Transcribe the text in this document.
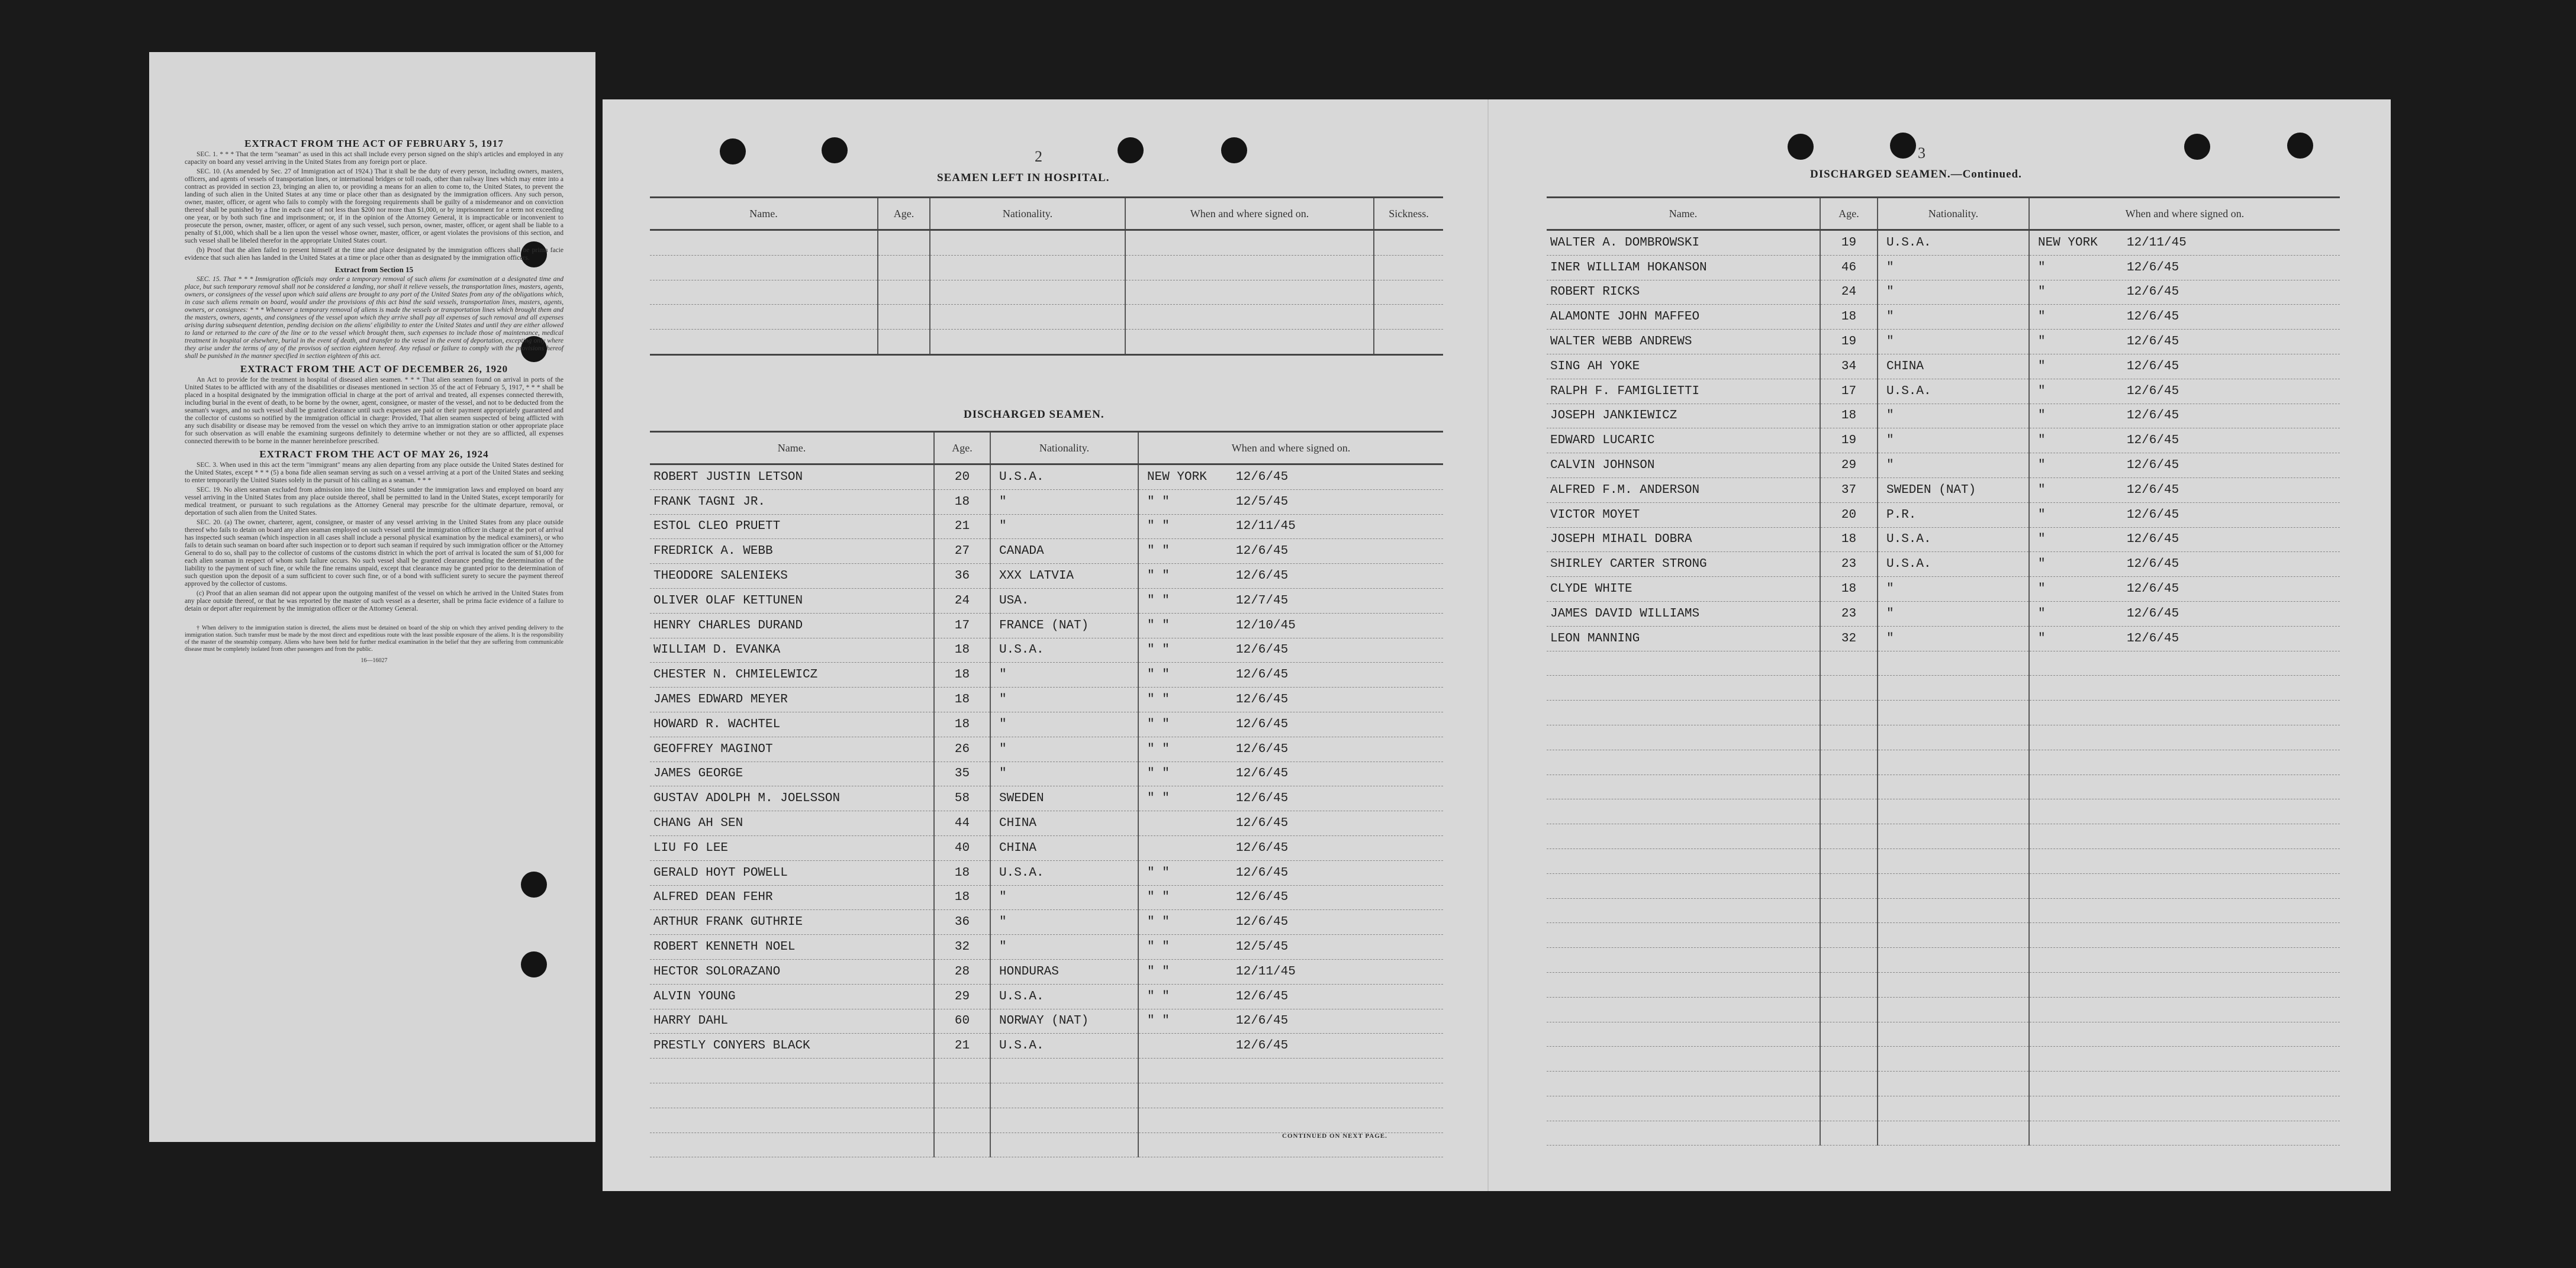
EXTRACT FROM THE ACT OF FEBRUARY 5, 1917

SEC. 1. * * * That the term "seaman" as used in this act shall include every person signed on the ship's articles and employed in any capacity on board any vessel arriving in the United States from any foreign port or place.

SEC. 10. (As amended by Sec. 27 of Immigration act of 1924.) That it shall be the duty of every person, including owners, masters, officers, and agents of vessels of transportation lines, or international bridges or toll roads, other than railway lines which may enter into a contract as provided in section 23, bringing an alien to, or providing a means for an alien to come to, the United States, to prevent the landing of such alien in the United States at any time or place other than as designated by the immigration officers. Any such person, owner, master, officer, or agent who fails to comply with the foregoing requirements shall be guilty of a misdemeanor and on conviction thereof shall be punished by a fine in each case of not less than $200 nor more than $1,000, or by imprisonment for a term not exceeding one year, or by both such fine and imprisonment; or, if in the opinion of the Attorney General, it is impracticable or inconvenient to prosecute the person, owner, master, officer, or agent of any such vessel, such person, owner, master, officer, or agent shall be liable to a penalty of $1,000, which shall be a lien upon the vessel whose owner, master, officer, or agent violates the provisions of this section, and such vessel shall be libeled therefor in the appropriate United States court.

(b) Proof that the alien failed to present himself at the time and place designated by the immigration officers shall be prima facie evidence that such alien has landed in the United States at a time or place other than as designated by the immigration officers.

Extract from Section 15

SEC. 15. That * * * Immigration officials may order a temporary removal of such aliens for examination at a designated time and place, but such temporary removal shall not be considered a landing, nor shall it relieve vessels, the transportation lines, masters, agents, owners, or consignees of the vessel upon which said aliens are brought to any port of the United States from any of the obligations which, in case such aliens remain on board, would under the provisions of this act bind the said vessels, transportation lines, masters, agents, owners, or consignees: * * * Whenever a temporary removal of aliens is made the vessels or transportation lines which brought them and the masters, owners, agents, and consignees of the vessel upon which they arrive shall pay all expenses of such removal and all expenses arising during subsequent detention, pending decision on the aliens' eligibility to enter the United States and until they are either allowed to land or returned to the care of the line or to the vessel which brought them, such expenses to include those of maintenance, medical treatment in hospital or elsewhere, burial in the event of death, and transfer to the vessel in the event of deportation, excepting only where they arise under the terms of any of the provisos of section eighteen hereof. Any refusal or failure to comply with the provisions hereof shall be punished in the manner specified in section eighteen of this act.

EXTRACT FROM THE ACT OF DECEMBER 26, 1920

An Act to provide for the treatment in hospital of diseased alien seamen. * * * That alien seamen found on arrival in ports of the United States to be afflicted with any of the disabilities or diseases mentioned in section 35 of the act of February 5, 1917, * * * shall be placed in a hospital designated by the immigration official in charge at the port of arrival and treated, all expenses connected therewith, including burial in the event of death, to be borne by the owner, agent, consignee, or master of the vessel, and not to be deducted from the seaman's wages, and no such vessel shall be granted clearance until such expenses are paid or their payment appropriately guaranteed and the collector of customs so notified by the immigration official in charge: Provided, That alien seamen suspected of being afflicted with any such disability or disease may be removed from the vessel on which they arrive to an immigration station or other appropriate place for such observation as will enable the examining surgeons definitely to determine whether or not they are so afflicted, all expenses connected therewith to be borne in the manner hereinbefore prescribed.

EXTRACT FROM THE ACT OF MAY 26, 1924

SEC. 3. When used in this act the term "immigrant" means any alien departing from any place outside the United States destined for the United States, except * * * (5) a bona fide alien seaman serving as such on a vessel arriving at a port of the United States and seeking to enter temporarily the United States solely in the pursuit of his calling as a seaman. * * *

SEC. 19. No alien seaman excluded from admission into the United States under the immigration laws and employed on board any vessel arriving in the United States from any place outside thereof, shall be permitted to land in the United States, except temporarily for medical treatment, or pursuant to such regulations as the Attorney General may prescribe for the ultimate departure, removal, or deportation of such alien from the United States.

SEC. 20. (a) The owner, charterer, agent, consignee, or master of any vessel arriving in the United States from any place outside thereof who fails to detain on board any alien seaman employed on such vessel until the immigration officer in charge at the port of arrival has inspected such seaman (which inspection in all cases shall include a personal physical examination by the medical examiners), or who fails to detain such seaman on board after such inspection or to deport such seaman if required by such immigration officer or the Attorney General to do so, shall pay to the collector of customs of the customs district in which the port of arrival is located the sum of $1,000 for each alien seaman in respect of whom such failure occurs. No such vessel shall be granted clearance pending the determination of the liability to the payment of such fine, or while the fine remains unpaid, except that clearance may be granted prior to the determination of such question upon the deposit of a sum sufficient to cover such fine, or of a bond with sufficient surety to secure the payment thereof approved by the collector of customs.

(c) Proof that an alien seaman did not appear upon the outgoing manifest of the vessel on which he arrived in the United States from any place outside thereof, or that he was reported by the master of such vessel as a deserter, shall be prima facie evidence of a failure to detain or deport after requirement by the immigration officer or the Attorney General.

† When delivery to the immigration station is directed, the aliens must be detained on board of the ship on which they arrived pending delivery to the immigration station. Such transfer must be made by the most direct and expeditious route with the least possible exposure of the aliens. It is the responsibility of the master of the steamship company. Aliens who have been held for further medical examination in the belief that they are suffering from communicable disease must be completely isolated from other passengers and from the public.

16—16027
2
SEAMEN LEFT IN HOSPITAL.
Name.	Age.	Nationality.	When and where signed on.	Sickness.

DISCHARGED SEAMEN.
Name.	Age.	Nationality.	When and where signed on.
ROBERT JUSTIN LETSON	20	U.S.A.	NEW YORK 12/6/45
FRANK TAGNI JR.	18	"	" " 12/5/45
ESTOL CLEO PRUETT	21	"	" " 12/11/45
FREDRICK A. WEBB	27	CANADA	" " 12/6/45
THEODORE SALENIEKS	36	XXX LATVIA	" " 12/6/45
OLIVER OLAF KETTUNEN	24	USA.	" " 12/7/45
HENRY CHARLES DURAND	17	FRANCE (NAT)	" " 12/10/45
WILLIAM D. EVANKA	18	U.S.A.	" " 12/6/45
CHESTER N. CHMIELEWICZ	18	"	" " 12/6/45
JAMES EDWARD MEYER	18	"	" " 12/6/45
HOWARD R. WACHTEL	18	"	" " 12/6/45
GEOFFREY MAGINOT	26	"	" " 12/6/45
JAMES GEORGE	35	"	" " 12/6/45
GUSTAV ADOLPH M. JOELSSON	58	SWEDEN	" " 12/6/45
CHANG AH SEN	44	CHINA	12/6/45
LIU FO LEE	40	CHINA	12/6/45
GERALD HOYT POWELL	18	U.S.A.	" " 12/6/45
ALFRED DEAN FEHR	18	"	" " 12/6/45
ARTHUR FRANK GUTHRIE	36	"	" " 12/6/45
ROBERT KENNETH NOEL	32	"	" " 12/5/45
HECTOR SOLORAZANO	28	HONDURAS	" " 12/11/45
ALVIN YOUNG	29	U.S.A.	" " 12/6/45
HARRY DAHL	60	NORWAY (NAT)	" " 12/6/45
PRESTLY CONYERS BLACK	21	U.S.A.	12/6/45

CONTINUED ON NEXT PAGE.
3
DISCHARGED SEAMEN.—Continued.
Name.	Age.	Nationality.	When and where signed on.
WALTER A. DOMBROWSKI	19	U.S.A.	NEW YORK 12/11/45
INER WILLIAM HOKANSON	46	"	" 12/6/45
ROBERT RICKS	24	"	" 12/6/45
ALAMONTE JOHN MAFFEO	18	"	" 12/6/45
WALTER WEBB ANDREWS	19	"	" 12/6/45
SING AH YOKE	34	CHINA	" 12/6/45
RALPH F. FAMIGLIETTI	17	U.S.A.	" 12/6/45
JOSEPH JANKIEWICZ	18	"	" 12/6/45
EDWARD LUCARIC	19	"	" 12/6/45
CALVIN JOHNSON	29	"	" 12/6/45
ALFRED F.M. ANDERSON	37	SWEDEN (NAT)	" 12/6/45
VICTOR MOYET	20	P.R.	" 12/6/45
JOSEPH MIHAIL DOBRA	18	U.S.A.	" 12/6/45
SHIRLEY CARTER STRONG	23	U.S.A.	" 12/6/45
CLYDE WHITE	18	"	" 12/6/45
JAMES DAVID WILLIAMS	23	"	" 12/6/45
LEON MANNING	32	"	" 12/6/45
